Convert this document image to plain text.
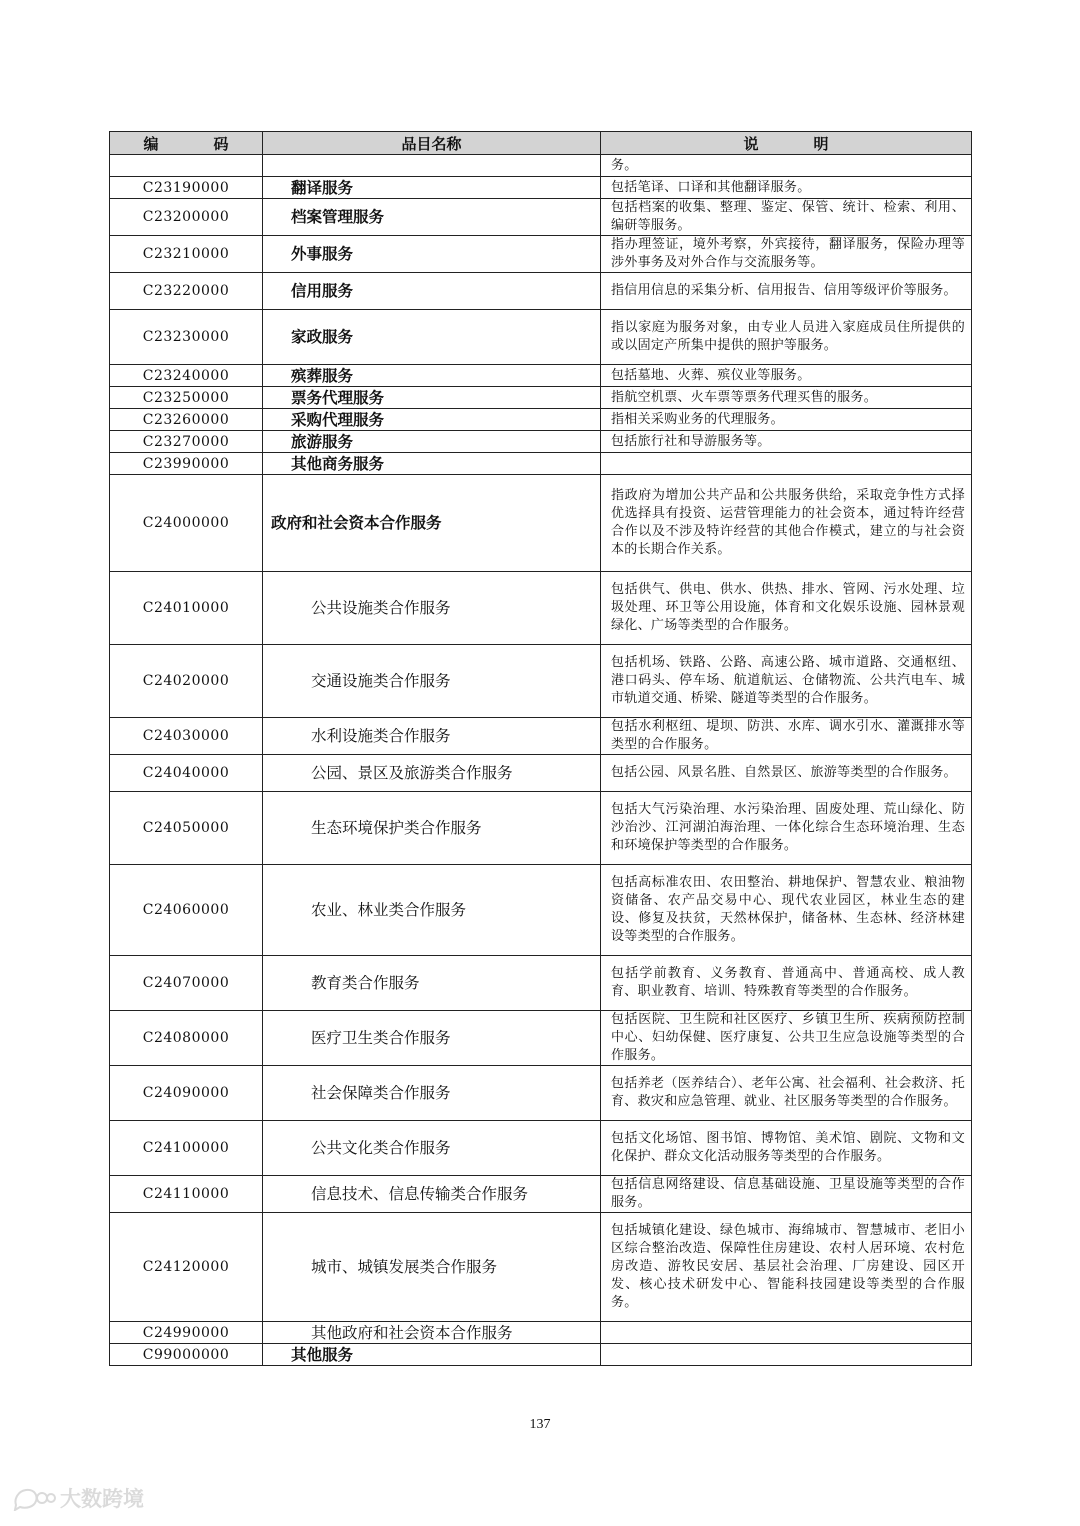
编　码	品目名称	说　明
		务。
C23190000	翻译服务	包括笔译、口译和其他翻译服务。
C23200000	档案管理服务	包括档案的收集、整理、鉴定、保管、统计、检索、利用、编研等服务。
C23210000	外事服务	指办理签证，境外考察，外宾接待，翻译服务，保险办理等涉外事务及对外合作与交流服务等。
C23220000	信用服务	指信用信息的采集分析、信用报告、信用等级评价等服务。
C23230000	家政服务	指以家庭为服务对象，由专业人员进入家庭成员住所提供的或以固定产所集中提供的照护等服务。
C23240000	殡葬服务	包括墓地、火葬、殡仪业等服务。
C23250000	票务代理服务	指航空机票、火车票等票务代理买售的服务。
C23260000	采购代理服务	指相关采购业务的代理服务。
C23270000	旅游服务	包括旅行社和导游服务等。
C23990000	其他商务服务	
C24000000	政府和社会资本合作服务	指政府为增加公共产品和公共服务供给，采取竞争性方式择优选择具有投资、运营管理能力的社会资本，通过特许经营合作以及不涉及特许经营的其他合作模式，建立的与社会资本的长期合作关系。
C24010000	公共设施类合作服务	包括供气、供电、供水、供热、排水、管网、污水处理、垃圾处理、环卫等公用设施，体育和文化娱乐设施、园林景观绿化、广场等类型的合作服务。
C24020000	交通设施类合作服务	包括机场、铁路、公路、高速公路、城市道路、交通枢纽、港口码头、停车场、航道航运、仓储物流、公共汽电车、城市轨道交通、桥梁、隧道等类型的合作服务。
C24030000	水利设施类合作服务	包括水利枢纽、堤坝、防洪、水库、调水引水、灌溉排水等类型的合作服务。
C24040000	公园、景区及旅游类合作服务	包括公园、风景名胜、自然景区、旅游等类型的合作服务。
C24050000	生态环境保护类合作服务	包括大气污染治理、水污染治理、固废处理、荒山绿化、防沙治沙、江河湖泊海治理、一体化综合生态环境治理、生态和环境保护等类型的合作服务。
C24060000	农业、林业类合作服务	包括高标准农田、农田整治、耕地保护、智慧农业、粮油物资储备、农产品交易中心、现代农业园区，林业生态的建设、修复及扶贫，天然林保护，储备林、生态林、经济林建设等类型的合作服务。
C24070000	教育类合作服务	包括学前教育、义务教育、普通高中、普通高校、成人教育、职业教育、培训、特殊教育等类型的合作服务。
C24080000	医疗卫生类合作服务	包括医院、卫生院和社区医疗、乡镇卫生所、疾病预防控制中心、妇幼保健、医疗康复、公共卫生应急设施等类型的合作服务。
C24090000	社会保障类合作服务	包括养老（医养结合）、老年公寓、社会福利、社会救济、托育、救灾和应急管理、就业、社区服务等类型的合作服务。
C24100000	公共文化类合作服务	包括文化场馆、图书馆、博物馆、美术馆、剧院、文物和文化保护、群众文化活动服务等类型的合作服务。
C24110000	信息技术、信息传输类合作服务	包括信息网络建设、信息基础设施、卫星设施等类型的合作服务。
C24120000	城市、城镇发展类合作服务	包括城镇化建设、绿色城市、海绵城市、智慧城市、老旧小区综合整治改造、保障性住房建设、农村人居环境、农村危房改造、游牧民安居、基层社会治理、厂房建设、园区开发、核心技术研发中心、智能科技园建设等类型的合作服务。
C24990000	其他政府和社会资本合作服务	
C99000000	其他服务	
137
大数跨境
